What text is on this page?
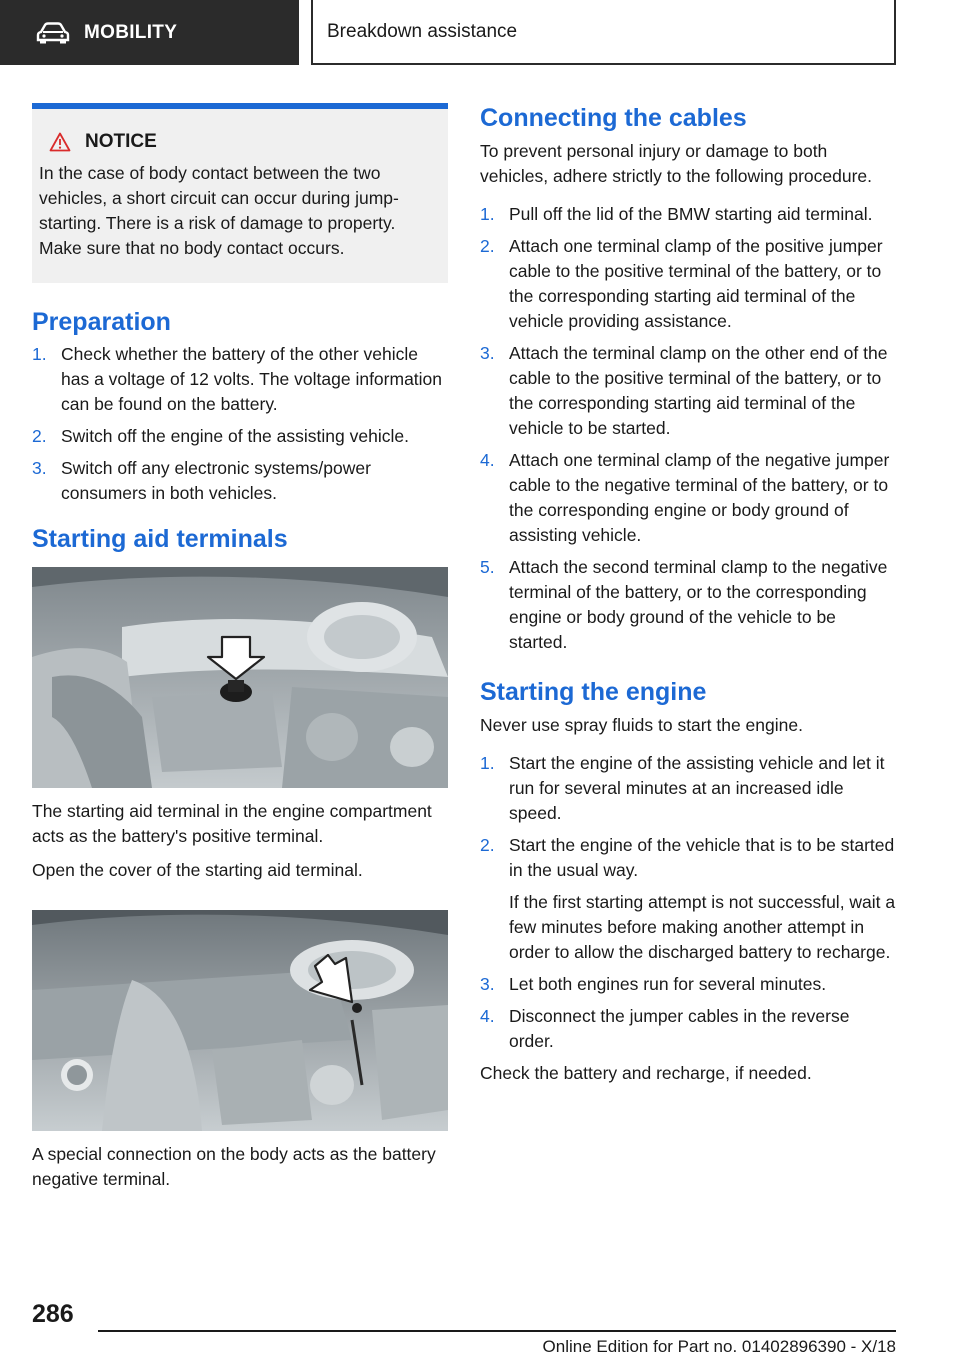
MOBILITY	Breakdown assistance
NOTICE

In the case of body contact between the two vehicles, a short circuit can occur during jump-starting. There is a risk of damage to property. Make sure that no body contact occurs.

Preparation
1. Check whether the battery of the other vehicle has a voltage of 12 volts. The voltage information can be found on the battery.
2. Switch off the engine of the assisting vehicle.
3. Switch off any electronic systems/power consumers in both vehicles.
Starting aid terminals

The starting aid terminal in the engine compartment acts as the battery's positive terminal.

Open the cover of the starting aid terminal.

A special connection on the body acts as the battery negative terminal.

Connecting the cables

To prevent personal injury or damage to both vehicles, adhere strictly to the following procedure.

1. Pull off the lid of the BMW starting aid terminal.
2. Attach one terminal clamp of the positive jumper cable to the positive terminal of the battery, or to the corresponding starting aid terminal of the vehicle providing assistance.
3. Attach the terminal clamp on the other end of the cable to the positive terminal of the battery, or to the corresponding starting aid terminal of the vehicle to be started.
4. Attach one terminal clamp of the negative jumper cable to the negative terminal of the battery, or to the corresponding engine or body ground of assisting vehicle.
5. Attach the second terminal clamp to the negative terminal of the battery, or to the corresponding engine or body ground of the vehicle to be started.
Starting the engine

Never use spray fluids to start the engine.

1. Start the engine of the assisting vehicle and let it run for several minutes at an increased idle speed.
2. Start the engine of the vehicle that is to be started in the usual way.
If the first starting attempt is not successful, wait a few minutes before making another attempt in order to allow the discharged battery to recharge.
3. Let both engines run for several minutes.
4. Disconnect the jumper cables in the reverse order.

Check the battery and recharge, if needed.

286
Online Edition for Part no. 01402896390 - X/18
